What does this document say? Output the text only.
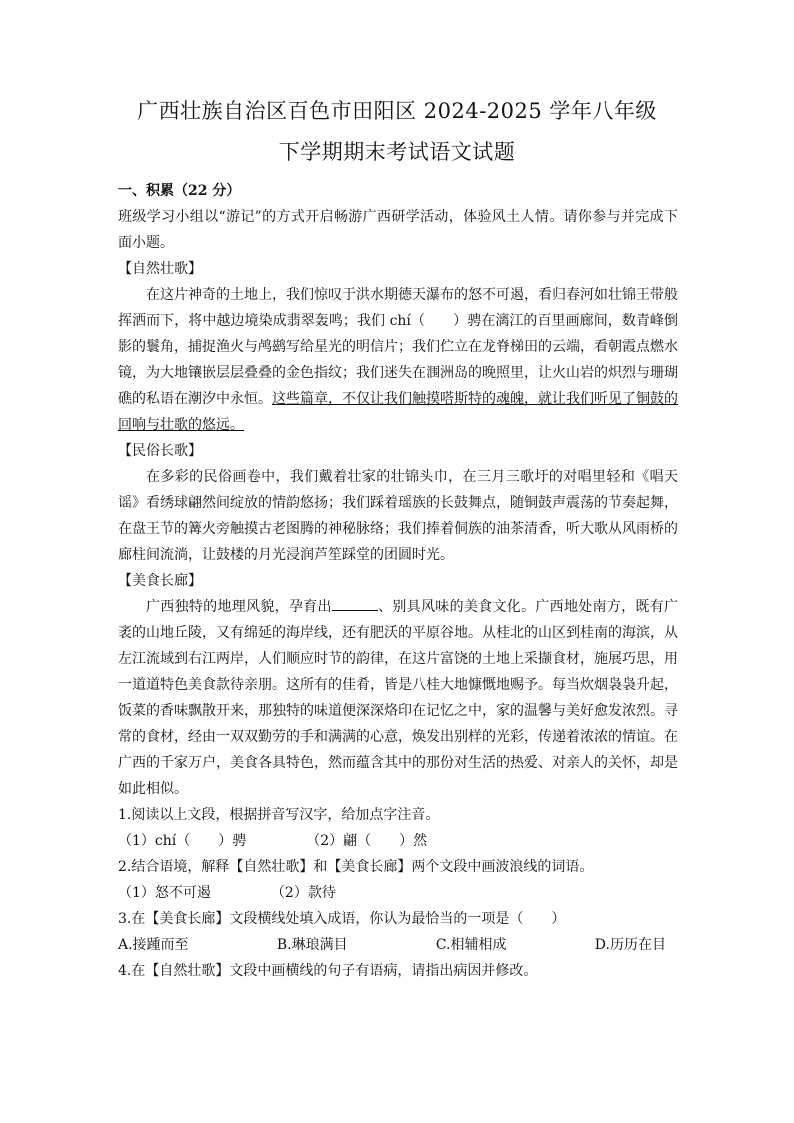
广西壮族自治区百色市田阳区 2024-2025 学年八年级
下学期期末考试语文试题

一、积累（22 分）

班级学习小组以“游记”的方式开启畅游广西研学活动，体验风土人情。请你参与并完成下面小题。

【自然壮歌】

在这片神奇的土地上，我们惊叹于洪水期德天瀑布的怒不可遏，看归春河如壮锦王带般挥洒而下，将中越边境染成翡翠轰鸣；我们 chí（　　）骋在漓江的百里画廊间，数青峰倒影的鬟角，捕捉渔火与鸬鹚写给星光的明信片；我们伫立在龙脊梯田的云端，看朝霞点燃水镜，为大地镶嵌层层叠叠的金色指纹；我们迷失在涠洲岛的晚照里，让火山岩的炽烈与珊瑚礁的私语在潮汐中永恒。这些篇章，不仅让我们触摸嗒斯特的魂魄，就让我们听见了铜鼓的回响与壮歌的悠远。

【民俗长歌】

在多彩的民俗画卷中，我们戴着壮家的壮锦头巾，在三月三歌圩的对唱里轻和《唱天谣》看绣球翩然间绽放的情韵悠扬；我们踩着瑶族的长鼓舞点，随铜鼓声震荡的节奏起舞，在盘王节的篝火旁触摸古老图腾的神秘脉络；我们捧着侗族的油茶清香，听大歌从风雨桥的廊柱间流淌，让鼓楼的月光浸润芦笙踩堂的团圆时光。

【美食长廊】

广西独特的地理风貌，孕育出	、别具风味的美食文化。广西地处南方，既有广袤的山地丘陵，又有绵延的海岸线，还有肥沃的平原谷地。从桂北的山区到桂南的海滨，从左江流域到右江两岸，人们顺应时节的韵律，在这片富饶的土地上采撷食材，施展巧思，用一道道特色美食款待亲朋。这所有的佳肴，皆是八桂大地慷慨地赐予。每当炊烟袅袅升起，饭菜的香味飘散开来，那独特的味道便深深烙印在记忆之中，家的温馨与美好愈发浓烈。寻常的食材，经由一双双勤劳的手和满满的心意，焕发出别样的光彩，传递着浓浓的情谊。在广西的千家万户，美食各具特色，然而蕴含其中的那份对生活的热爱、对亲人的关怀，却是如此相似。

1.阅读以上文段，根据拼音写汉字，给加点字注音。

（1）chí（　　）骋	（2）翩（　　）然

2.结合语境，解释【自然壮歌】和【美食长廊】两个文段中画波浪线的词语。

（1）怒不可遏	（2）款待

3.在【美食长廊】文段横线处填入成语，你认为最恰当的一项是（　　）

A.接踵而至	B.琳琅满目	C.相辅相成	D.历历在目

4.在【自然壮歌】文段中画横线的句子有语病，请指出病因并修改。
